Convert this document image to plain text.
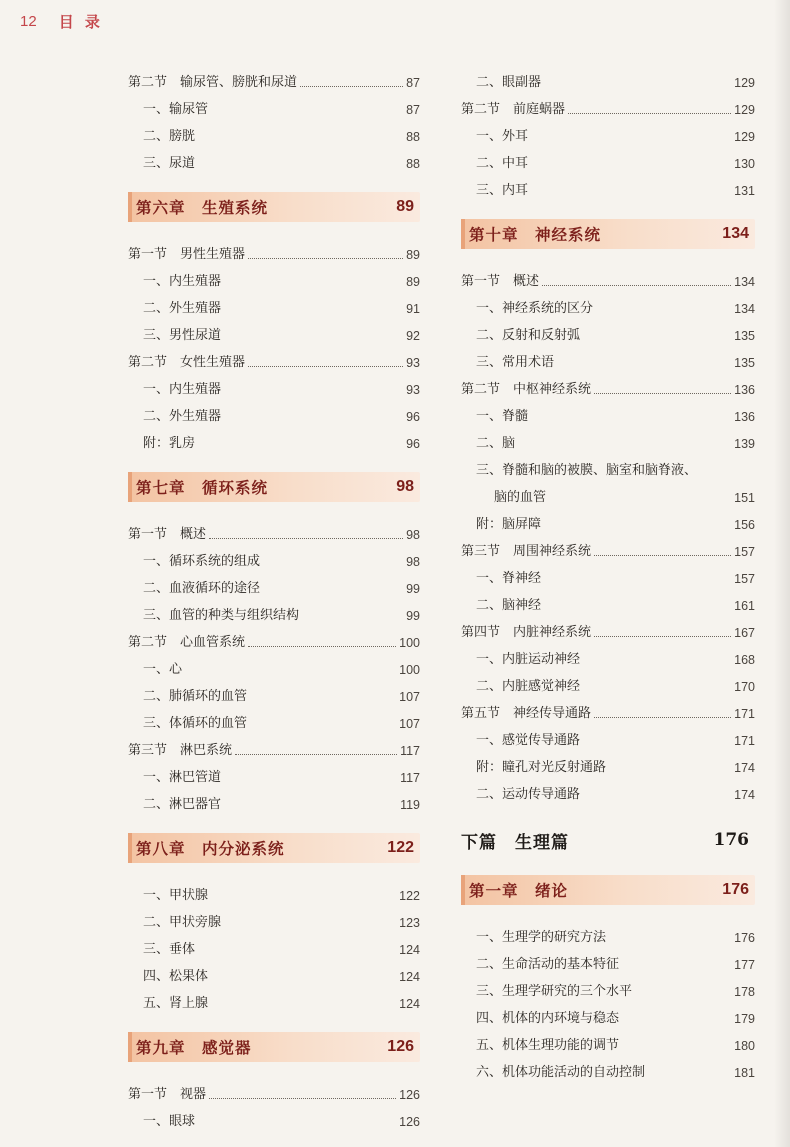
12 目 录
第二节　输尿管、膀胱和尿道	87
一、输尿管	87
二、膀胱	88
三、尿道	88
第六章　生殖系统	89
第一节　男性生殖器	89
一、内生殖器	89
二、外生殖器	91
三、男性尿道	92
第二节　女性生殖器	93
一、内生殖器	93
二、外生殖器	96
附：乳房	96
第七章　循环系统	98
第一节　概述	98
一、循环系统的组成	98
二、血液循环的途径	99
三、血管的种类与组织结构	99
第二节　心血管系统	100
一、心	100
二、肺循环的血管	107
三、体循环的血管	107
第三节　淋巴系统	117
一、淋巴管道	117
二、淋巴器官	119
第八章　内分泌系统	122
一、甲状腺	122
二、甲状旁腺	123
三、垂体	124
四、松果体	124
五、肾上腺	124
第九章　感觉器	126
第一节　视器	126
一、眼球	126
二、眼副器	129
第二节　前庭蜗器	129
一、外耳	129
二、中耳	130
三、内耳	131
第十章　神经系统	134
第一节　概述	134
一、神经系统的区分	134
二、反射和反射弧	135
三、常用术语	135
第二节　中枢神经系统	136
一、脊髓	136
二、脑	139
三、脊髓和脑的被膜、脑室和脑脊液、
脑的血管	151
附：脑屏障	156
第三节　周围神经系统	157
一、脊神经	157
二、脑神经	161
第四节　内脏神经系统	167
一、内脏运动神经	168
二、内脏感觉神经	170
第五节　神经传导通路	171
一、感觉传导通路	171
附：瞳孔对光反射通路	174
二、运动传导通路	174
下篇　生理篇	176
第一章　绪论	176
一、生理学的研究方法	176
二、生命活动的基本特征	177
三、生理学研究的三个水平	178
四、机体的内环境与稳态	179
五、机体生理功能的调节	180
六、机体功能活动的自动控制	181
